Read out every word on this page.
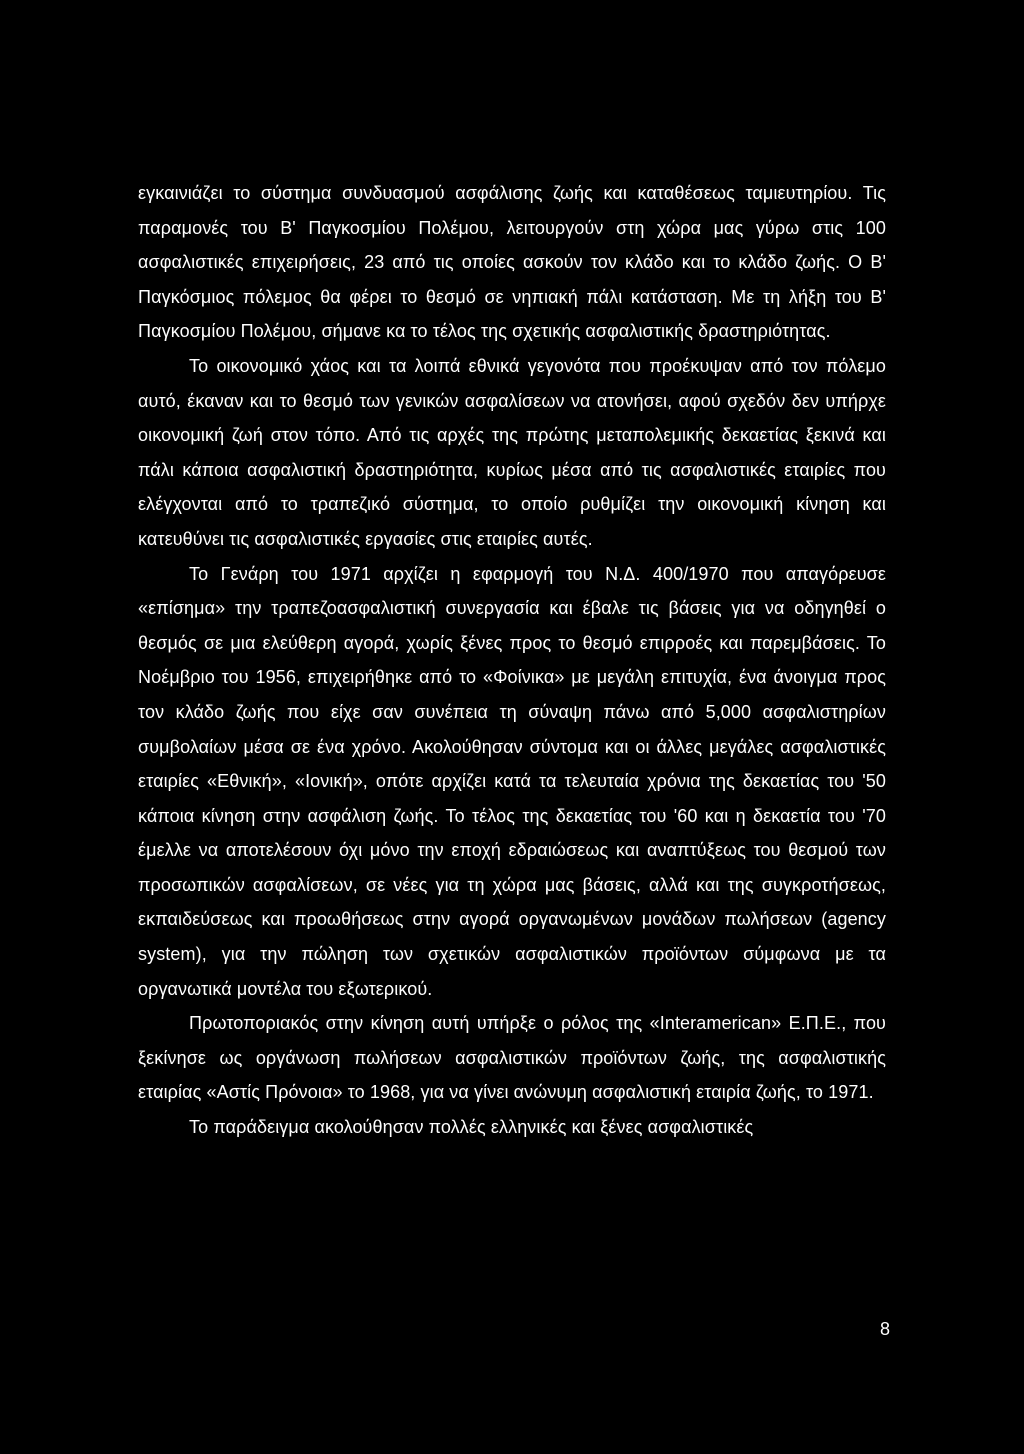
εγκαινιάζει το σύστημα συνδυασμού ασφάλισης ζωής και καταθέσεως ταμιευτηρίου. Τις παραμονές του Β' Παγκοσμίου Πολέμου, λειτουργούν στη χώρα μας γύρω στις 100 ασφαλιστικές επιχειρήσεις, 23 από τις οποίες ασκούν τον κλάδο και το κλάδο ζωής. Ο Β' Παγκόσμιος πόλεμος θα φέρει το θεσμό σε νηπιακή πάλι κατάσταση. Με τη λήξη του Β' Παγκοσμίου Πολέμου, σήμανε κα το τέλος της σχετικής ασφαλιστικής δραστηριότητας.

Το οικονομικό χάος και τα λοιπά εθνικά γεγονότα που προέκυψαν από τον πόλεμο αυτό, έκαναν και το θεσμό των γενικών ασφαλίσεων να ατονήσει, αφού σχεδόν δεν υπήρχε οικονομική ζωή στον τόπο. Από τις αρχές της πρώτης μεταπολεμικής δεκαετίας ξεκινά και πάλι κάποια ασφαλιστική δραστηριότητα, κυρίως μέσα από τις ασφαλιστικές εταιρίες που ελέγχονται από το τραπεζικό σύστημα, το οποίο ρυθμίζει την οικονομική κίνηση και κατευθύνει τις ασφαλιστικές εργασίες στις εταιρίες αυτές.

Το Γενάρη του 1971 αρχίζει η εφαρμογή του Ν.Δ. 400/1970 που απαγόρευσε «επίσημα» την τραπεζοασφαλιστική συνεργασία και έβαλε τις βάσεις για να οδηγηθεί ο θεσμός σε μια ελεύθερη αγορά, χωρίς ξένες προς το θεσμό επιρροές και παρεμβάσεις. Το Νοέμβριο του 1956, επιχειρήθηκε από το «Φοίνικα» με μεγάλη επιτυχία, ένα άνοιγμα προς τον κλάδο ζωής που είχε σαν συνέπεια τη σύναψη πάνω από 5,000 ασφαλιστηρίων συμβολαίων μέσα σε ένα χρόνο. Ακολούθησαν σύντομα και οι άλλες μεγάλες ασφαλιστικές εταιρίες «Εθνική», «Ιονική», οπότε αρχίζει κατά τα τελευταία χρόνια της δεκαετίας του '50 κάποια κίνηση στην ασφάλιση ζωής. Το τέλος της δεκαετίας του '60 και η δεκαετία του '70 έμελλε να αποτελέσουν όχι μόνο την εποχή εδραιώσεως και αναπτύξεως του θεσμού των προσωπικών ασφαλίσεων, σε νέες για τη χώρα μας βάσεις, αλλά και της συγκροτήσεως, εκπαιδεύσεως και προωθήσεως στην αγορά οργανωμένων μονάδων πωλήσεων (agency system), για την πώληση των σχετικών ασφαλιστικών προϊόντων σύμφωνα με τα οργανωτικά μοντέλα του εξωτερικού.

Πρωτοποριακός στην κίνηση αυτή υπήρξε ο ρόλος της «Interamerican» Ε.Π.Ε., που ξεκίνησε ως οργάνωση πωλήσεων ασφαλιστικών προϊόντων ζωής, της ασφαλιστικής εταιρίας «Αστίς Πρόνοια» το 1968, για να γίνει ανώνυμη ασφαλιστική εταιρία ζωής, το 1971.

Το παράδειγμα ακολούθησαν πολλές ελληνικές και ξένες ασφαλιστικές

8
